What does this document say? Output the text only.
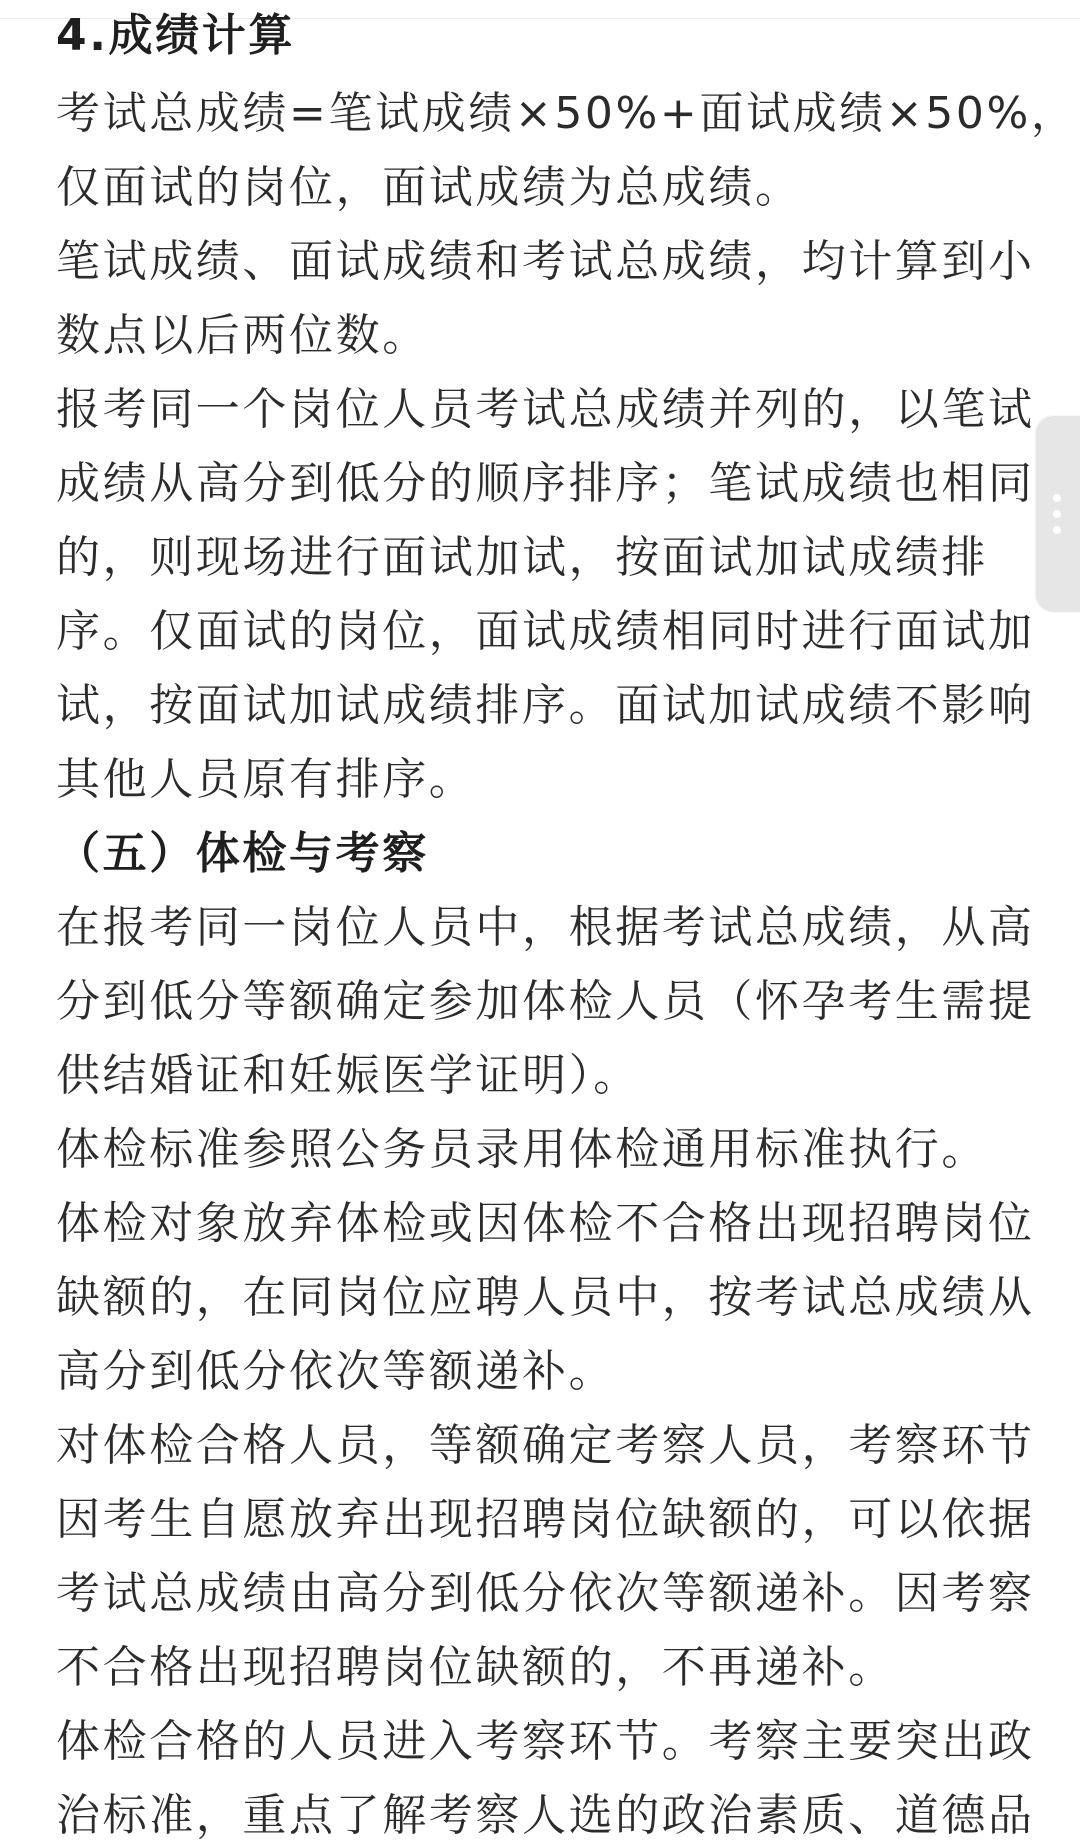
4.成绩计算
考试总成绩=笔试成绩×50%+面试成绩×50%，
仅面试的岗位，面试成绩为总成绩。
笔试成绩、面试成绩和考试总成绩，均计算到小
数点以后两位数。
报考同一个岗位人员考试总成绩并列的，以笔试
成绩从高分到低分的顺序排序；笔试成绩也相同
的，则现场进行面试加试，按面试加试成绩排
序。仅面试的岗位，面试成绩相同时进行面试加
试，按面试加试成绩排序。面试加试成绩不影响
其他人员原有排序。
（五）体检与考察
在报考同一岗位人员中，根据考试总成绩，从高
分到低分等额确定参加体检人员（怀孕考生需提
供结婚证和妊娠医学证明）。
体检标准参照公务员录用体检通用标准执行。
体检对象放弃体检或因体检不合格出现招聘岗位
缺额的，在同岗位应聘人员中，按考试总成绩从
高分到低分依次等额递补。
对体检合格人员，等额确定考察人员，考察环节
因考生自愿放弃出现招聘岗位缺额的，可以依据
考试总成绩由高分到低分依次等额递补。因考察
不合格出现招聘岗位缺额的，不再递补。
体检合格的人员进入考察环节。考察主要突出政
治标准，重点了解考察人选的政治素质、道德品
